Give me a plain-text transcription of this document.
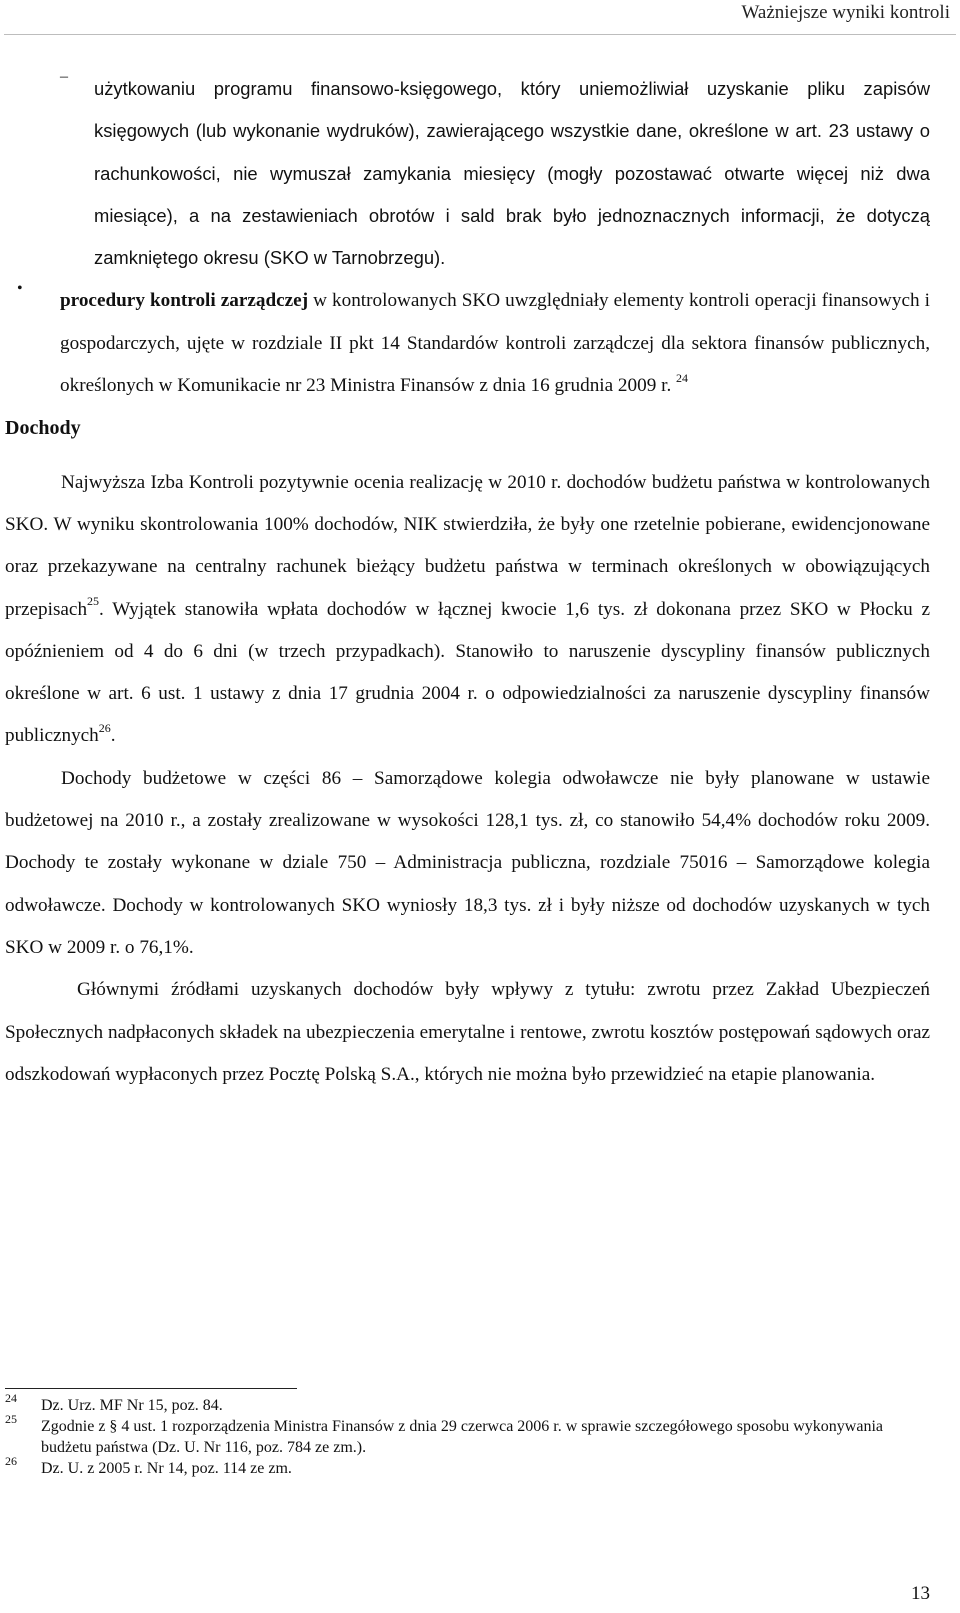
Ważniejsze wyniki kontroli
–

użytkowaniu programu finansowo-księgowego, który uniemożliwiał uzyskanie pliku zapisów księgowych (lub wykonanie wydruków), zawierającego wszystkie dane, określone w art. 23 ustawy o rachunkowości, nie wymuszał zamykania miesięcy (mogły pozostawać otwarte więcej niż dwa miesiące), a na zestawieniach obrotów i sald brak było jednoznacznych informacji, że dotyczą zamkniętego okresu (SKO w Tarnobrzegu).

•

procedury kontroli zarządczej w kontrolowanych SKO uwzględniały elementy kontroli operacji finansowych i gospodarczych, ujęte w rozdziale II pkt 14 Standardów kontroli zarządczej dla sektora finansów publicznych, określonych w Komunikacie nr 23 Ministra Finansów z dnia 16 grudnia 2009 r. $^{24}$

Dochody

Najwyższa Izba Kontroli pozytywnie ocenia realizację w 2010 r. dochodów budżetu państwa w kontrolowanych SKO. W wyniku skontrolowania 100% dochodów, NIK stwierdziła, że były one rzetelnie pobierane, ewidencjonowane oraz przekazywane na centralny rachunek bieżący budżetu państwa w terminach określonych w obowiązujących przepisach$^{25}$. Wyjątek stanowiła wpłata dochodów w łącznej kwocie 1,6 tys. zł dokonana przez SKO w Płocku z opóźnieniem od 4 do 6 dni (w trzech przypadkach). Stanowiło to naruszenie dyscypliny finansów publicznych określone w art. 6 ust. 1 ustawy z dnia 17 grudnia 2004 r. o odpowiedzialności za naruszenie dyscypliny finansów publicznych$^{26}$.

Dochody budżetowe w części 86 – Samorządowe kolegia odwoławcze nie były planowane w ustawie budżetowej na 2010 r., a zostały zrealizowane w wysokości 128,1 tys. zł, co stanowiło 54,4% dochodów roku 2009. Dochody te zostały wykonane w dziale 750 – Administracja publiczna, rozdziale 75016 – Samorządowe kolegia odwoławcze. Dochody w kontrolowanych SKO wyniosły 18,3 tys. zł i były niższe od dochodów uzyskanych w tych SKO w 2009 r. o 76,1%.

Głównymi źródłami uzyskanych dochodów były wpływy z tytułu: zwrotu przez Zakład Ubezpieczeń Społecznych nadpłaconych składek na ubezpieczenia emerytalne i rentowe, zwrotu kosztów postępowań sądowych oraz odszkodowań wypłaconych przez Pocztę Polską S.A., których nie można było przewidzieć na etapie planowania.

24 Dz. Urz. MF Nr 15, poz. 84.
25 Zgodnie z § 4 ust. 1 rozporządzenia Ministra Finansów z dnia 29 czerwca 2006 r. w sprawie szczegółowego sposobu wykonywania budżetu państwa (Dz. U. Nr 116, poz. 784 ze zm.).
26 Dz. U. z 2005 r. Nr 14, poz. 114 ze zm.
13
